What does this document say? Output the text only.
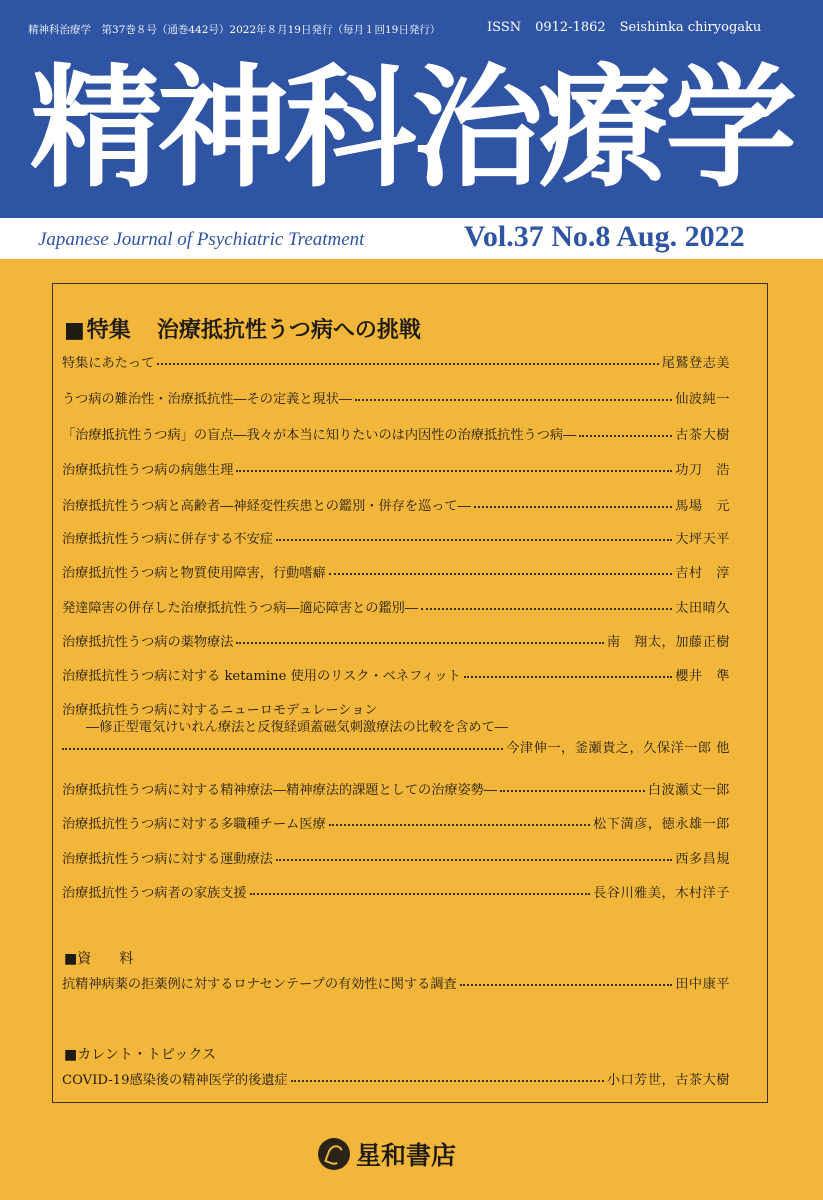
精神科治療学　第37巻８号（通巻442号）2022年８月19日発行（毎月１回19日発行）	ISSN 0912-1862 Seishinka chiryogaku
精神科治療学
Japanese Journal of Psychiatric Treatment	Vol.37 No.8 Aug. 2022
■特集 治療抵抗性うつ病への挑戦
特集にあたって	尾鷲登志美
うつ病の難治性・治療抵抗性―その定義と現状―	仙波純一
「治療抵抗性うつ病」の盲点―我々が本当に知りたいのは内因性の治療抵抗性うつ病―	古茶大樹
治療抵抗性うつ病の病態生理	功刀　浩
治療抵抗性うつ病と高齢者―神経変性疾患との鑑別・併存を巡って―	馬場　元
治療抵抗性うつ病に併存する不安症	大坪天平
治療抵抗性うつ病と物質使用障害，行動嗜癖	吉村　淳
発達障害の併存した治療抵抗性うつ病―適応障害との鑑別―	太田晴久
治療抵抗性うつ病の薬物療法	南　翔太，加藤正樹
治療抵抗性うつ病に対する ketamine 使用のリスク・ベネフィット	櫻井　準
治療抵抗性うつ病に対するニューロモデュレーション
―修正型電気けいれん療法と反復経頭蓋磁気刺激療法の比較を含めて―
今津伸一，釜瀬貴之，久保洋一郎 他
治療抵抗性うつ病に対する精神療法―精神療法的課題としての治療姿勢―	白波瀬丈一郎
治療抵抗性うつ病に対する多職種チーム医療	松下満彦，徳永雄一郎
治療抵抗性うつ病に対する運動療法	西多昌規
治療抵抗性うつ病者の家族支援	長谷川雅美，木村洋子
■資　　料
抗精神病薬の拒薬例に対するロナセンテープの有効性に関する調査	田中康平
■カレント・トピックス
COVID-19感染後の精神医学的後遺症	小口芳世，古茶大樹
星和書店
